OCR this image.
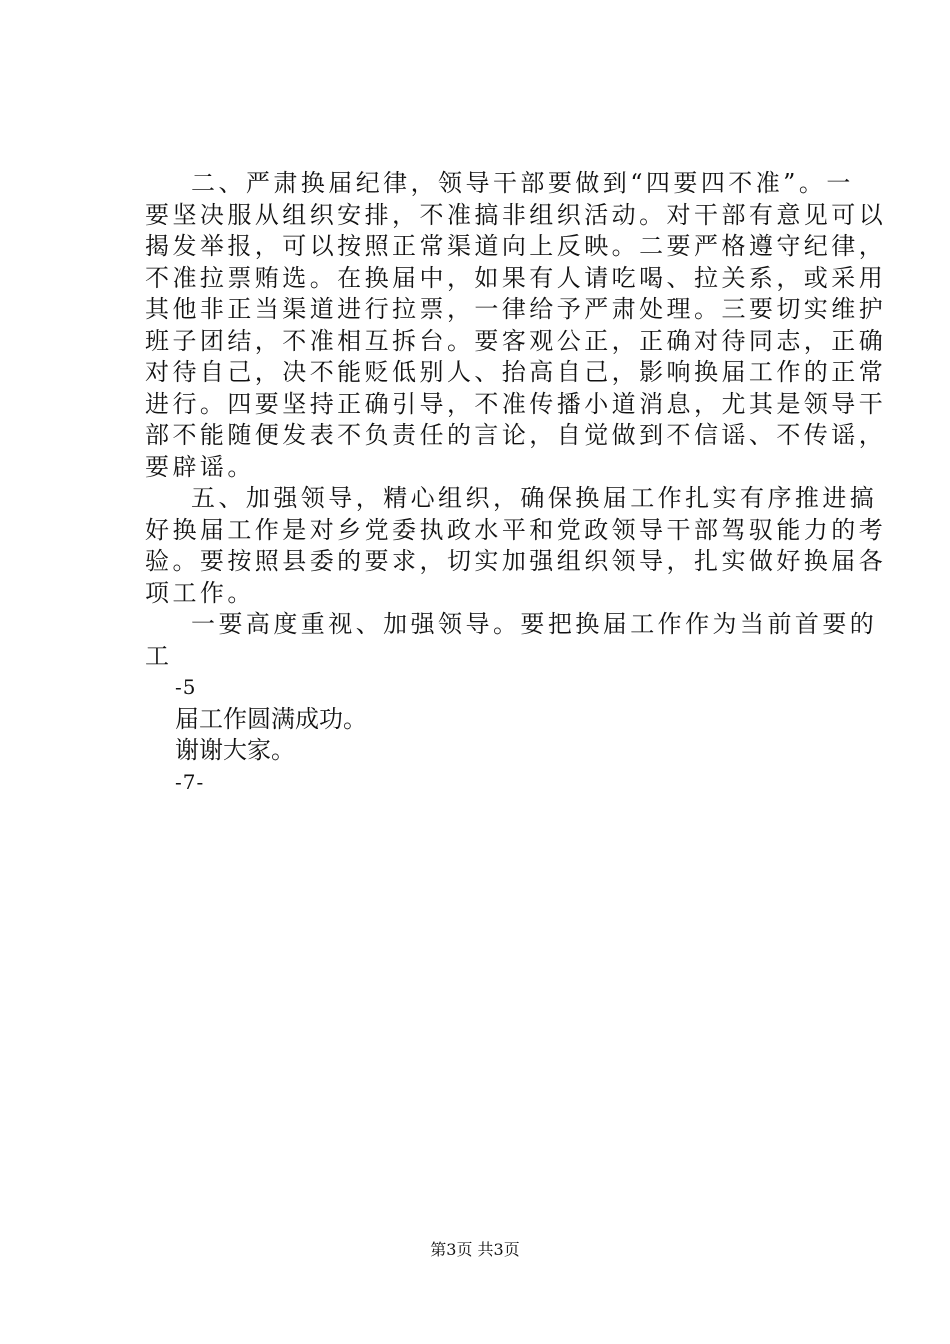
二、严肃换届纪律，领导干部要做到“四要四不准”。一

要坚决服从组织安排，不准搞非组织活动。对干部有意见可以

揭发举报，可以按照正常渠道向上反映。二要严格遵守纪律，

不准拉票贿选。在换届中，如果有人请吃喝、拉关系，或采用

其他非正当渠道进行拉票，一律给予严肃处理。三要切实维护

班子团结，不准相互拆台。要客观公正，正确对待同志，正确

对待自己，决不能贬低别人、抬高自己，影响换届工作的正常

进行。四要坚持正确引导，不准传播小道消息，尤其是领导干

部不能随便发表不负责任的言论，自觉做到不信谣、不传谣，

要辟谣。

五、加强领导，精心组织，确保换届工作扎实有序推进搞

好换届工作是对乡党委执政水平和党政领导干部驾驭能力的考

验。要按照县委的要求，切实加强组织领导，扎实做好换届各

项工作。

一要高度重视、加强领导。要把换届工作作为当前首要的

工

-5

届工作圆满成功。

谢谢大家。

-7-

第3页 共3页
